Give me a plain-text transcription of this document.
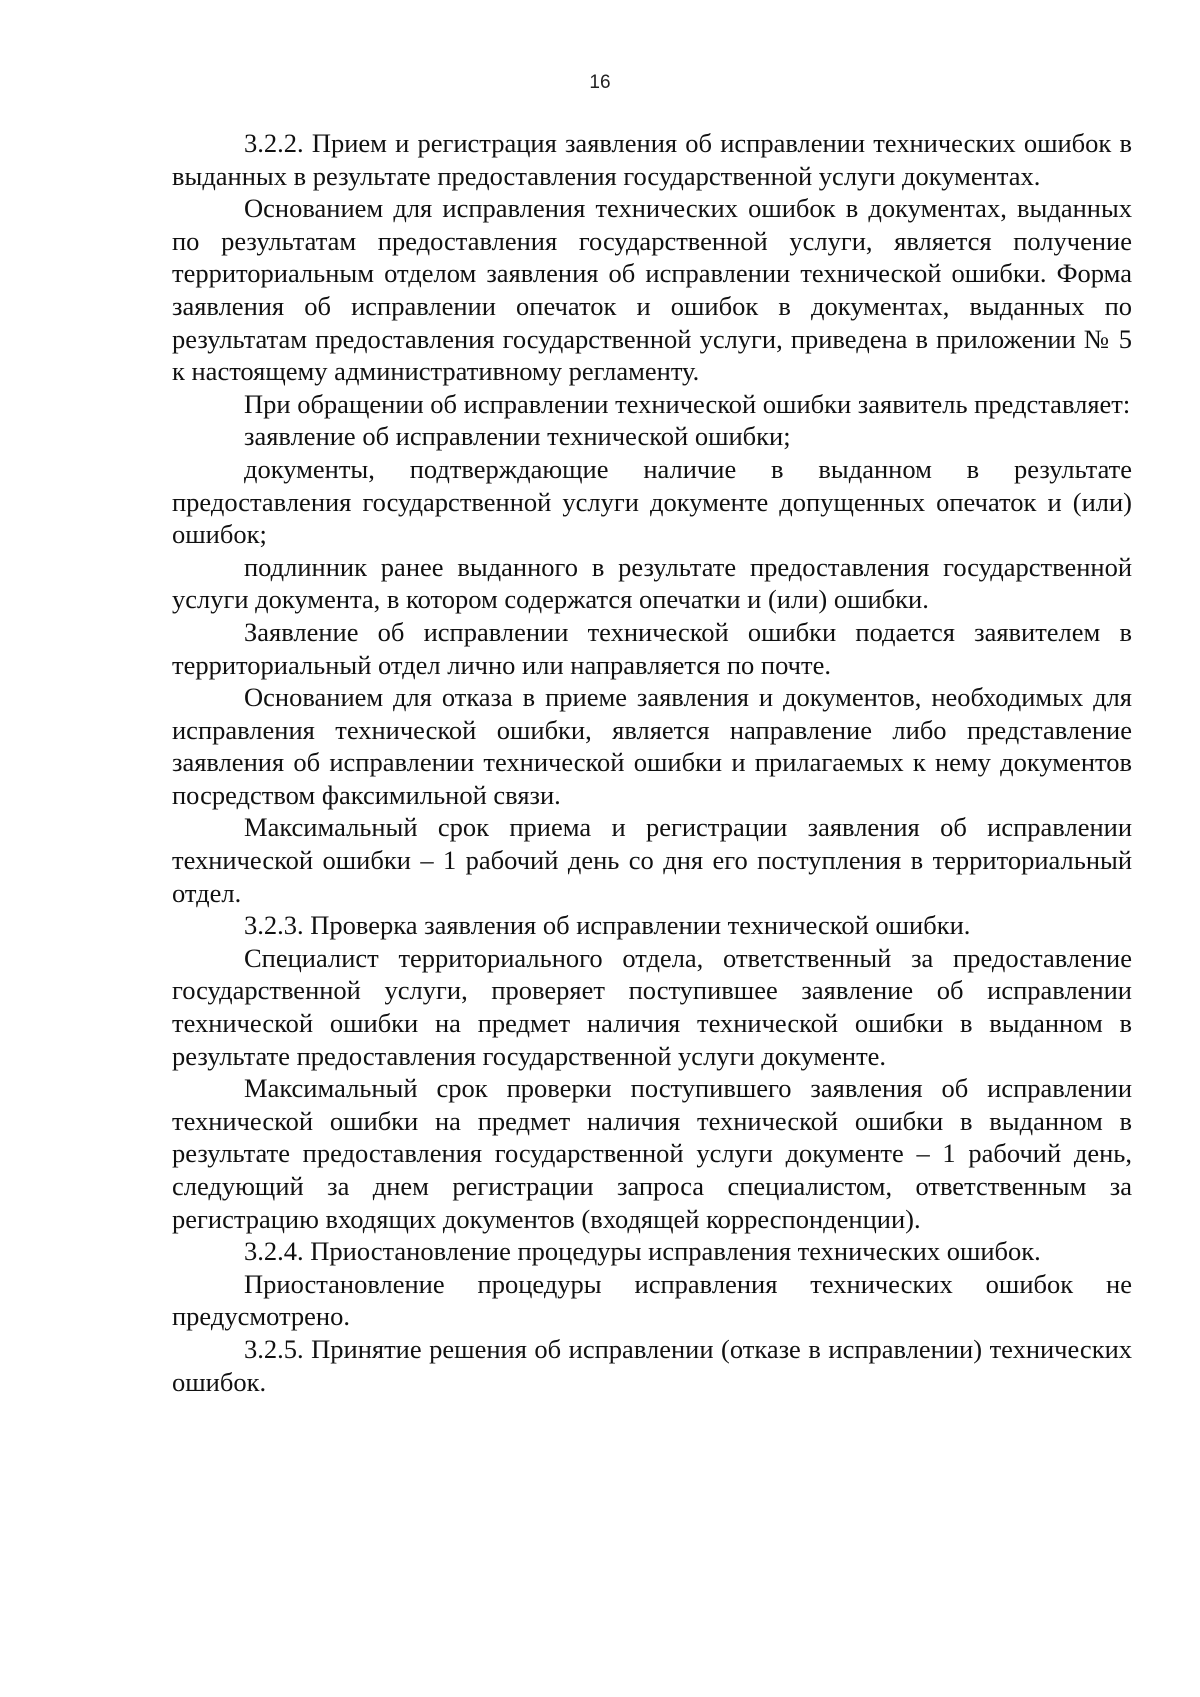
16

3.2.2. Прием и регистрация заявления об исправлении технических ошибок в выданных в результате предоставления государственной услуги документах.

Основанием для исправления технических ошибок в документах, выданных по результатам предоставления государственной услуги, является получение территориальным отделом заявления об исправлении технической ошибки. Форма заявления об исправлении опечаток и ошибок в документах, выданных по результатам предоставления государственной услуги, приведена в приложении № 5 к настоящему административному регламенту.

При обращении об исправлении технической ошибки заявитель представляет:

заявление об исправлении технической ошибки;

документы, подтверждающие наличие в выданном в результате предоставления государственной услуги документе допущенных опечаток и (или) ошибок;

подлинник ранее выданного в результате предоставления государственной услуги документа, в котором содержатся опечатки и (или) ошибки.

Заявление об исправлении технической ошибки подается заявителем в территориальный отдел лично или направляется по почте.

Основанием для отказа в приеме заявления и документов, необходимых для исправления технической ошибки, является направление либо представление заявления об исправлении технической ошибки и прилагаемых к нему документов посредством факсимильной связи.

Максимальный срок приема и регистрации заявления об исправлении технической ошибки – 1 рабочий день со дня его поступления в территориальный отдел.

3.2.3. Проверка заявления об исправлении технической ошибки.

Специалист территориального отдела, ответственный за предоставление государственной услуги, проверяет поступившее заявление об исправлении технической ошибки на предмет наличия технической ошибки в выданном в результате предоставления государственной услуги документе.

Максимальный срок проверки поступившего заявления об исправлении технической ошибки на предмет наличия технической ошибки в выданном в результате предоставления государственной услуги документе – 1 рабочий день, следующий за днем регистрации запроса специалистом, ответственным за регистрацию входящих документов (входящей корреспонденции).

3.2.4. Приостановление процедуры исправления технических ошибок.

Приостановление процедуры исправления технических ошибок не предусмотрено.

3.2.5. Принятие решения об исправлении (отказе в исправлении) технических ошибок.
